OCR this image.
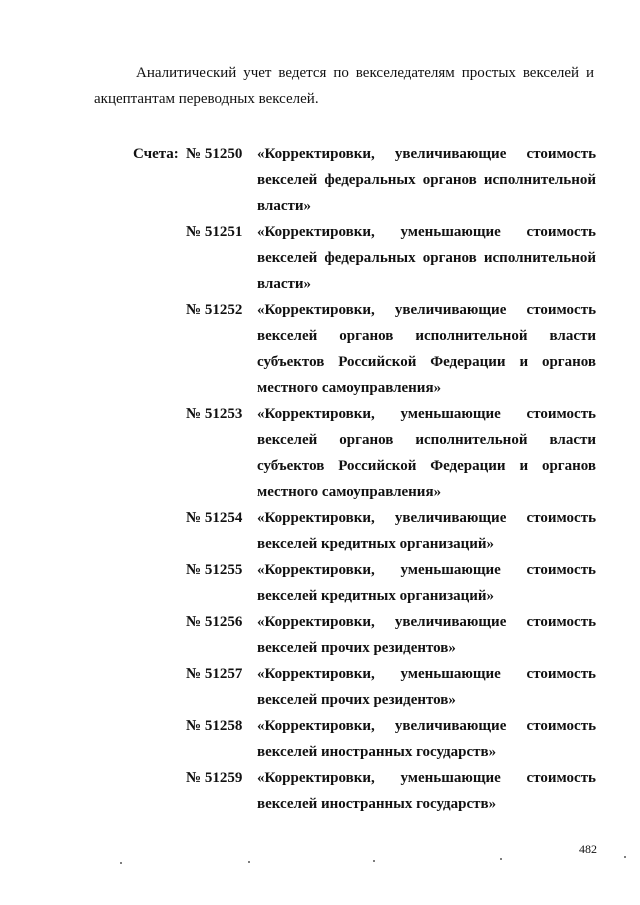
Аналитический учет ведется по векселедателям простых векселей и
акцептантам переводных векселей.
Счета: № 51250 «Корректировки, увеличивающие стоимость
векселей федеральных органов исполнительной
власти»
№ 51251 «Корректировки, уменьшающие стоимость
векселей федеральных органов исполнительной
власти»
№ 51252 «Корректировки, увеличивающие стоимость
векселей органов исполнительной власти
субъектов Российской Федерации и органов
местного самоуправления»
№ 51253 «Корректировки, уменьшающие стоимость
векселей органов исполнительной власти
субъектов Российской Федерации и органов
местного самоуправления»
№ 51254 «Корректировки, увеличивающие стоимость
векселей кредитных организаций»
№ 51255 «Корректировки, уменьшающие стоимость
векселей кредитных организаций»
№ 51256 «Корректировки, увеличивающие стоимость
векселей прочих резидентов»
№ 51257 «Корректировки, уменьшающие стоимость
векселей прочих резидентов»
№ 51258 «Корректировки, увеличивающие стоимость
векселей иностранных государств»
№ 51259 «Корректировки, уменьшающие стоимость
векселей иностранных государств»
482
